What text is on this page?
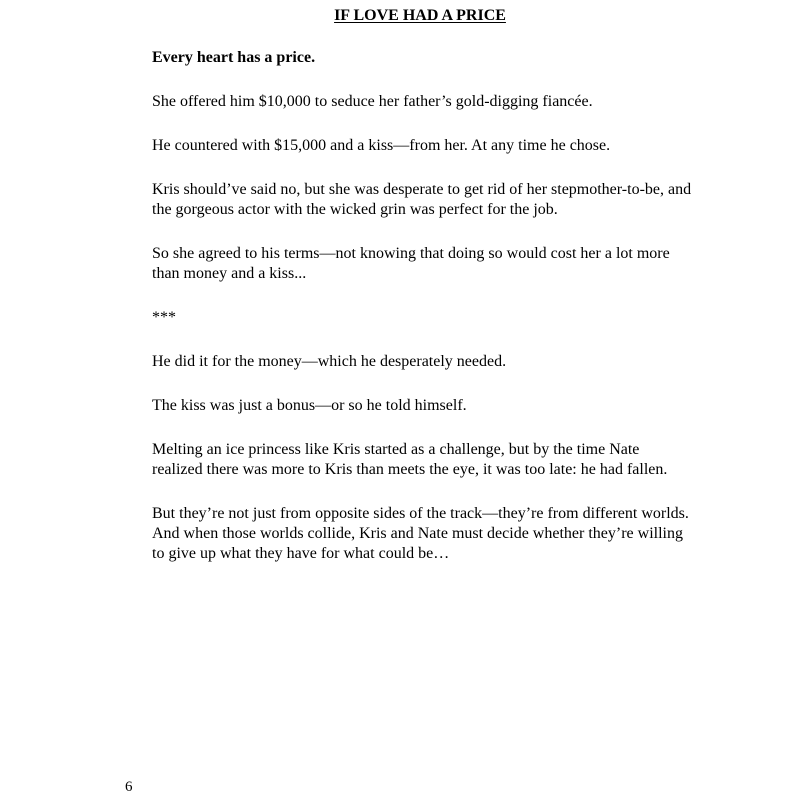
IF LOVE HAD A PRICE

Every heart has a price.

She offered him $10,000 to seduce her father’s gold-digging fiancée.

He countered with $15,000 and a kiss—from her. At any time he chose.

Kris should’ve said no, but she was desperate to get rid of her stepmother-to-be, and the gorgeous actor with the wicked grin was perfect for the job.

So she agreed to his terms—not knowing that doing so would cost her a lot more than money and a kiss...

***

He did it for the money—which he desperately needed.

The kiss was just a bonus—or so he told himself.

Melting an ice princess like Kris started as a challenge, but by the time Nate realized there was more to Kris than meets the eye, it was too late: he had fallen.

But they’re not just from opposite sides of the track—they’re from different worlds. And when those worlds collide, Kris and Nate must decide whether they’re willing to give up what they have for what could be…

6
